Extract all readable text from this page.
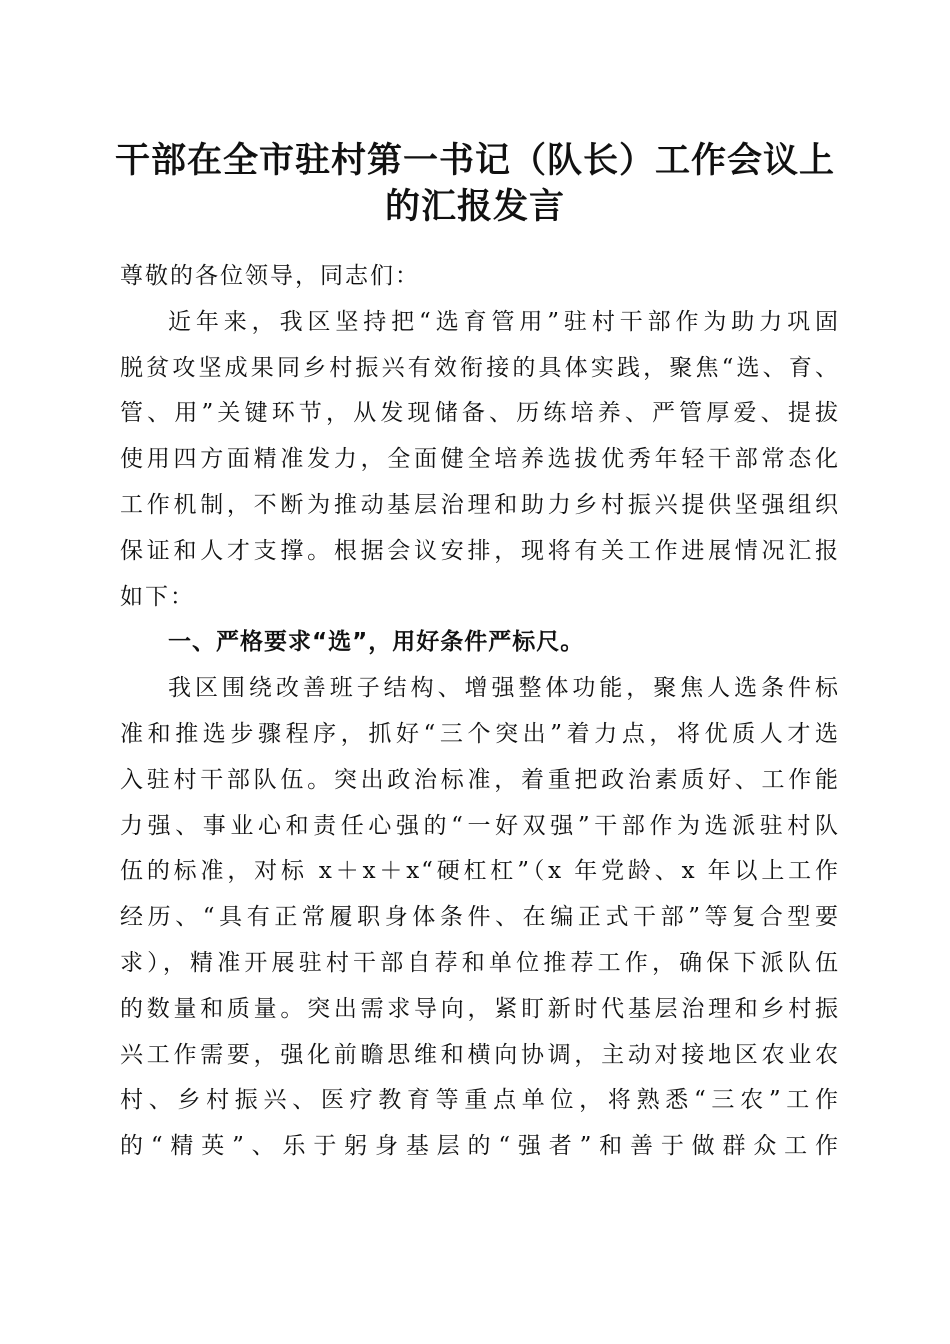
干部在全市驻村第一书记（队长）工作会议上
的汇报发言
尊敬的各位领导，同志们：
近年来，我区坚持把“选育管用”驻村干部作为助力巩固
脱贫攻坚成果同乡村振兴有效衔接的具体实践，聚焦“选、育、
管、用”关键环节，从发现储备、历练培养、严管厚爱、提拔
使用四方面精准发力，全面健全培养选拔优秀年轻干部常态化
工作机制，不断为推动基层治理和助力乡村振兴提供坚强组织
保证和人才支撑。根据会议安排，现将有关工作进展情况汇报
如下：
一、严格要求“选”，用好条件严标尺。
我区围绕改善班子结构、增强整体功能，聚焦人选条件标
准和推选步骤程序，抓好“三个突出”着力点，将优质人才选
入驻村干部队伍。突出政治标准，着重把政治素质好、工作能
力强、事业心和责任心强的“一好双强”干部作为选派驻村队
伍的标准，对标 x＋x＋x“硬杠杠”（x 年党龄、x 年以上工作
经历、“具有正常履职身体条件、在编正式干部”等复合型要
求），精准开展驻村干部自荐和单位推荐工作，确保下派队伍
的数量和质量。突出需求导向，紧盯新时代基层治理和乡村振
兴工作需要，强化前瞻思维和横向协调，主动对接地区农业农
村、乡村振兴、医疗教育等重点单位，将熟悉“三农”工作
的“精英”、乐于躬身基层的“强者”和善于做群众工作
